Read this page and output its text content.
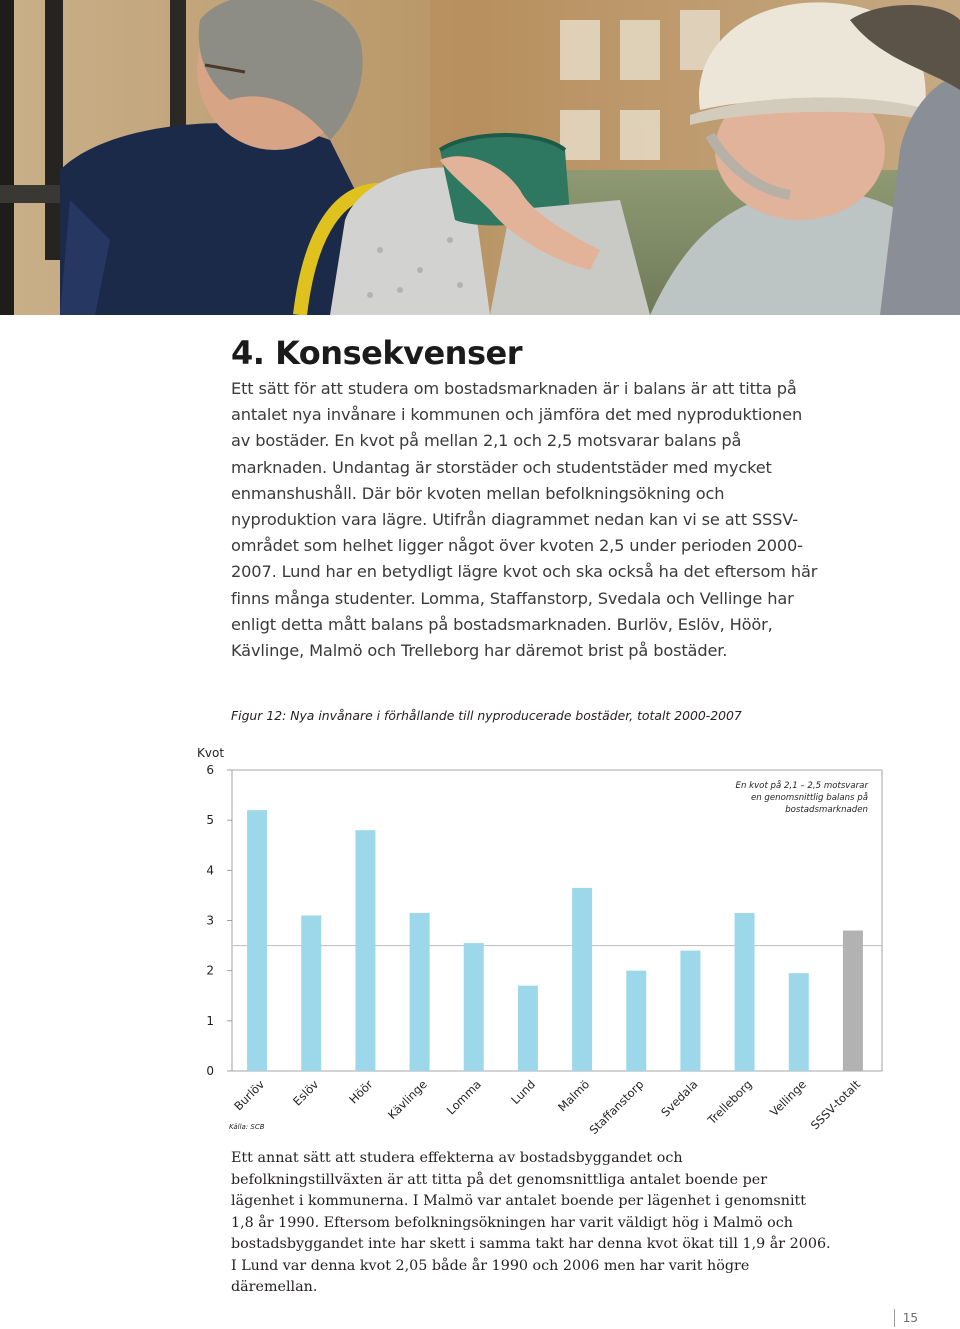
4. Konsekvenser

Ett sätt för att studera om bostadsmarknaden är i balans är att titta på antalet nya invånare i kommunen och jämföra det med nyproduktionen av bostäder. En kvot på mellan 2,1 och 2,5 motsvarar balans på marknaden. Undantag är storstäder och studentstäder med mycket enmanshushåll. Där bör kvoten mellan befolkningsökning och nyproduktion vara lägre. Utifrån diagrammet nedan kan vi se att SSSV-området som helhet ligger något över kvoten 2,5 under perioden 2000-2007. Lund har en betydligt lägre kvot och ska också ha det eftersom här finns många studenter. Lomma, Staffanstorp, Svedala och Vellinge har enligt detta mått balans på bostadsmarknaden. Burlöv, Eslöv, Höör, Kävlinge, Malmö och Trelleborg har däremot brist på bostäder.

Figur 12: Nya invånare i förhållande till nyproducerade bostäder, totalt 2000-2007
Kvot
0
1
2
3
4
5
6
Burlöv Eslöv Höör Kävlinge Lomma Lund Malmö
Staffanstorp Svedala Trelleborg Vellinge
SSSV-totalt
En kvot på 2,1 – 2,5 motsvarar
en genomsnittlig balans på
bostadsmarknaden
Källa: SCB

Ett annat sätt att studera effekterna av bostadsbyggandet och befolkningstillväxten är att titta på det genomsnittliga antalet boende per lägenhet i kommunerna. I Malmö var antalet boende per lägenhet i genomsnitt 1,8 år 1990. Eftersom befolkningsökningen har varit väldigt hög i Malmö och bostadsbyggandet inte har skett i samma takt har denna kvot ökat till 1,9 år 2006. I Lund var denna kvot 2,05 både år 1990 och 2006 men har varit högre däremellan.

15
